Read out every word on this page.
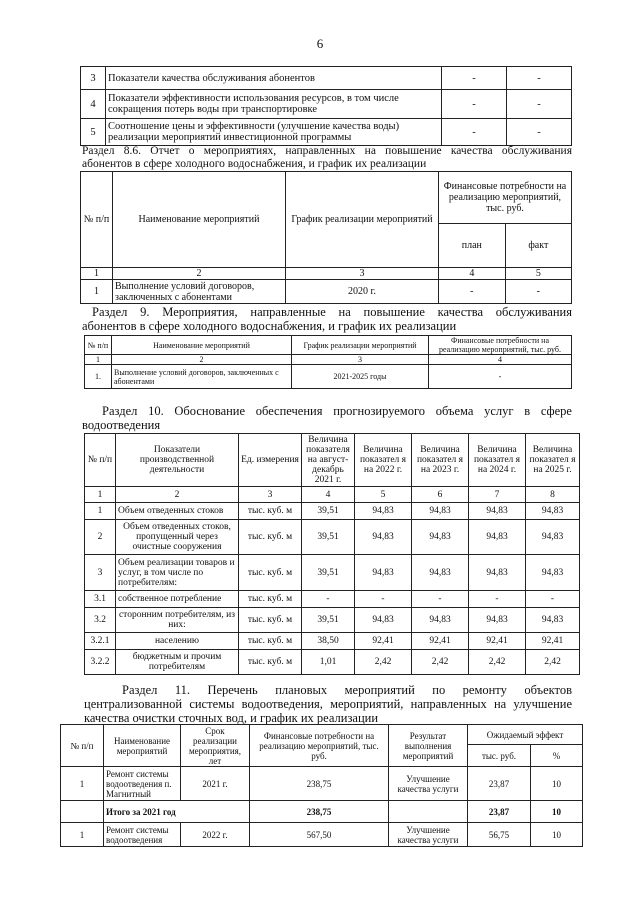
6
3	Показатели качества обслуживания абонентов	-	-
4	Показатели эффективности использования ресурсов, в том числе сокращения потерь воды при транспортировке	-	-
5	Соотношение цены и эффективности (улучшение качества воды) реализации мероприятий инвестиционной программы	-	-
Раздел 8.6. Отчет о мероприятиях, направленных на повышение качества обслуживания
абонентов в сфере холодного водоснабжения, и график их реализации
№ п/п	Наименование мероприятий	График реализации мероприятий	Финансовые потребности на реализацию мероприятий, тыс. руб.	
			план	факт
1	2	3	4	5
1	Выполнение условий договоров, заключенных с абонентами	2020 г.	-	-
Раздел 9. Мероприятия, направленные на повышение качества обслуживания
абонентов в сфере холодного водоснабжения, и график их реализации
№ п/п	Наименование мероприятий	График реализации мероприятий	Финансовые потребности на реализацию мероприятий, тыс. руб.
1	2	3	4
1.	Выполнение условий договоров, заключенных с абонентами	2021-2025 годы	-
Раздел 10. Обоснование обеспечения прогнозируемого объема услуг в сфере
водоотведения
№ п/п	Показатели производственной деятельности	Ед. измерения	Величина показателя на август-декабрь 2021 г.	Величина показател я на 2022 г.	Величина показател я на 2023 г.	Величина показател я на 2024 г.	Величина показател я на 2025 г.
1	2	3	4	5	6	7	8
1	Объем отведенных стоков	тыс. куб. м	39,51	94,83	94,83	94,83	94,83
2	Объем отведенных стоков, пропущенный через очистные сооружения	тыс. куб. м	39,51	94,83	94,83	94,83	94,83
3	Объем реализации товаров и услуг, в том числе по потребителям:	тыс. куб. м	39,51	94,83	94,83	94,83	94,83
3.1	собственное потребление	тыс. куб. м	-	-	-	-	-
3.2	сторонним потребителям, из них:	тыс. куб. м	39,51	94,83	94,83	94,83	94,83
3.2.1	населению	тыс. куб. м	38,50	92,41	92,41	92,41	92,41
3.2.2	бюджетным и прочим потребителям	тыс. куб. м	1,01	2,42	2,42	2,42	2,42
Раздел 11. Перечень плановых мероприятий по ремонту объектов
централизованной системы водоотведения, мероприятий, направленных на улучшение
качества очистки сточных вод, и график их реализации
№ п/п	Наименование мероприятий	Срок реализации мероприятия, лет	Финансовые потребности на реализацию мероприятий, тыс. руб.	Результат выполнения мероприятий	Ожидаемый эффект	
					тыс. руб.	%
1	Ремонт системы водоотведения п. Магнитный	2021 г.	238,75	Улучшение качества услуги	23,87	10
	Итого за 2021 год		238,75		23,87	10
1	Ремонт системы водоотведения	2022 г.	567,50	Улучшение качества услуги	56,75	10
